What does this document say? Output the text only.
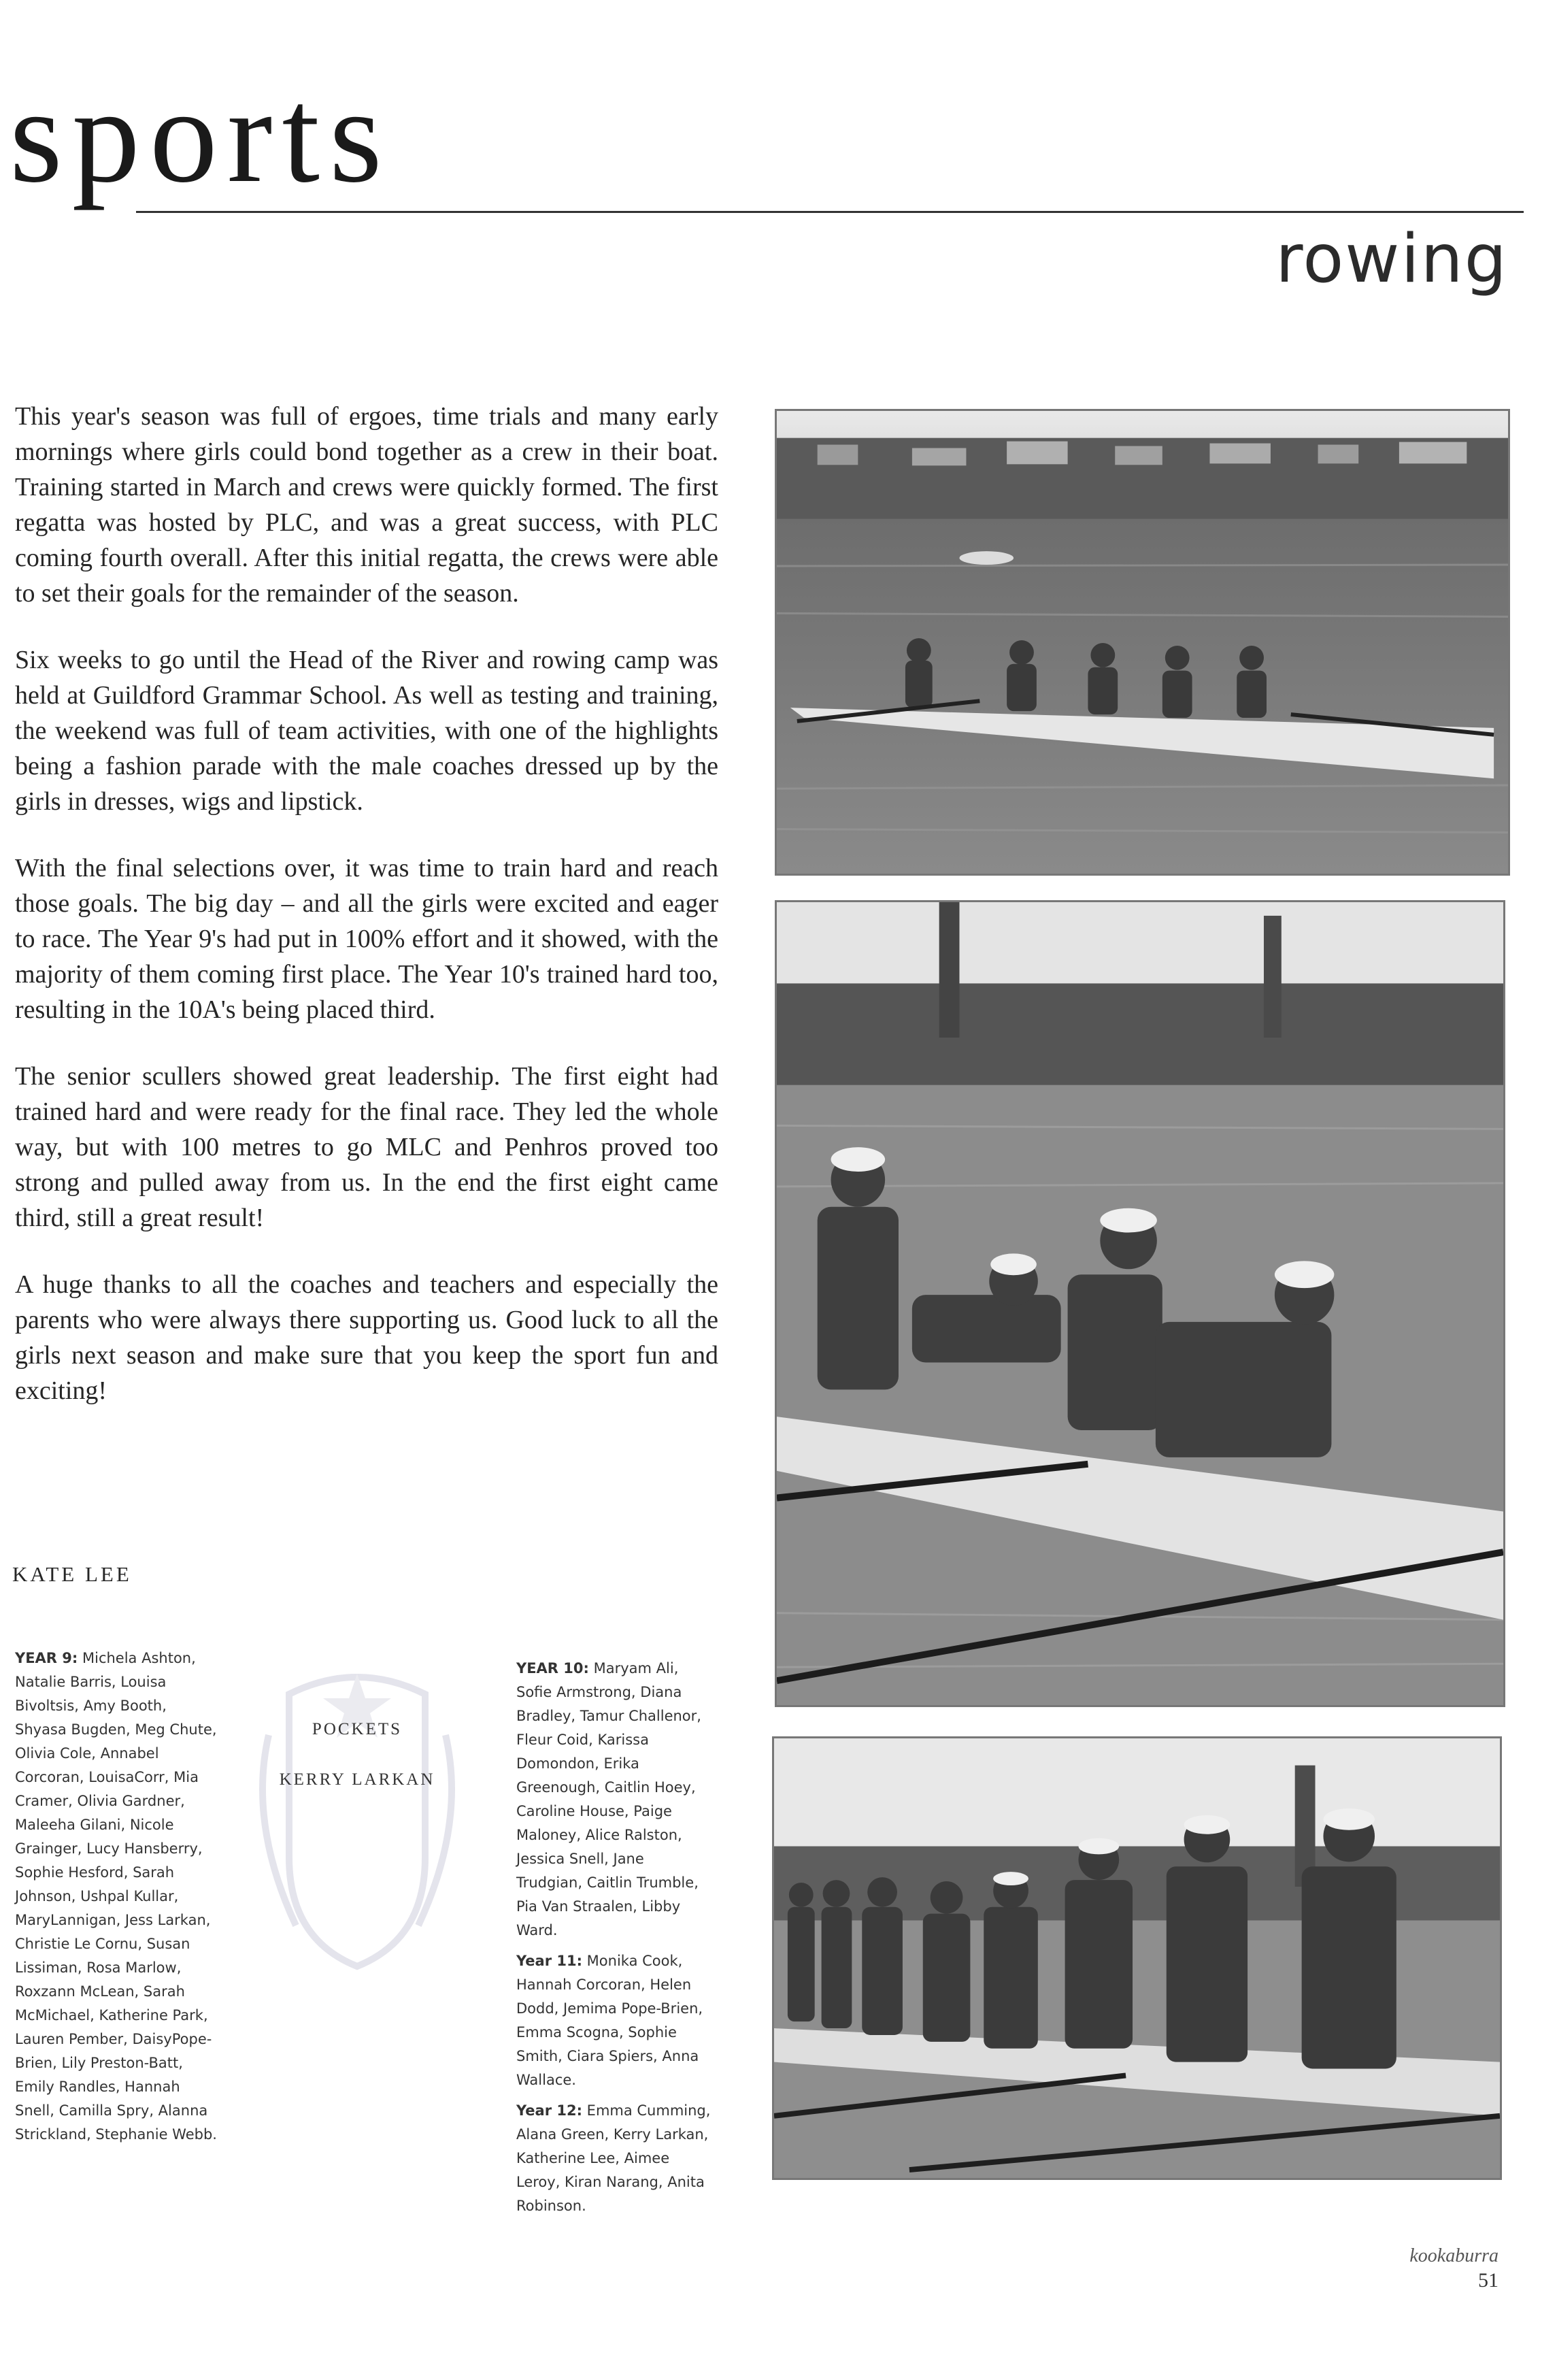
sports
rowing

This year's season was full of ergoes, time trials and many early mornings where girls could bond together as a crew in their boat. Training started in March and crews were quickly formed. The first regatta was hosted by PLC, and was a great success, with PLC coming fourth overall. After this initial regatta, the crews were able to set their goals for the remainder of the season.

Six weeks to go until the Head of the River and rowing camp was held at Guildford Grammar School. As well as testing and training, the weekend was full of team activities, with one of the highlights being a fashion parade with the male coaches dressed up by the girls in dresses, wigs and lipstick.

With the final selections over, it was time to train hard and reach those goals. The big day – and all the girls were excited and eager to race. The Year 9's had put in 100% effort and it showed, with the majority of them coming first place. The Year 10's trained hard too, resulting in the 10A's being placed third.

The senior scullers showed great leadership. The first eight had trained hard and were ready for the final race. They led the whole way, but with 100 metres to go MLC and Penhros proved too strong and pulled away from us. In the end the first eight came third, still a great result!

A huge thanks to all the coaches and teachers and especially the parents who were always there supporting us. Good luck to all the girls next season and make sure that you keep the sport fun and exciting!

KATE LEE
YEAR 9: Michela Ashton, Natalie Barris, Louisa Bivoltsis, Amy Booth, Shyasa Bugden, Meg Chute, Olivia Cole, Annabel Corcoran, LouisaCorr, Mia Cramer, Olivia Gardner, Maleeha Gilani, Nicole Grainger, Lucy Hansberry, Sophie Hesford, Sarah Johnson, Ushpal Kullar, MaryLannigan, Jess Larkan, Christie Le Cornu, Susan Lissiman, Rosa Marlow, Roxzann McLean, Sarah McMichael, Katherine Park, Lauren Pember, DaisyPope-Brien, Lily Preston-Batt, Emily Randles, Hannah Snell, Camilla Spry, Alanna Strickland, Stephanie Webb.
POCKETS
KERRY LARKAN
YEAR 10: Maryam Ali, Sofie Armstrong, Diana Bradley, Tamur Challenor, Fleur Coid, Karissa Domondon, Erika Greenough, Caitlin Hoey, Caroline House, Paige Maloney, Alice Ralston, Jessica Snell, Jane Trudgian, Caitlin Trumble, Pia Van Straalen, Libby Ward.
Year 11: Monika Cook, Hannah Corcoran, Helen Dodd, Jemima Pope-Brien, Emma Scogna, Sophie Smith, Ciara Spiers, Anna Wallace.
Year 12: Emma Cumming, Alana Green, Kerry Larkan, Katherine Lee, Aimee Leroy, Kiran Narang, Anita Robinson.
kookaburra
51
